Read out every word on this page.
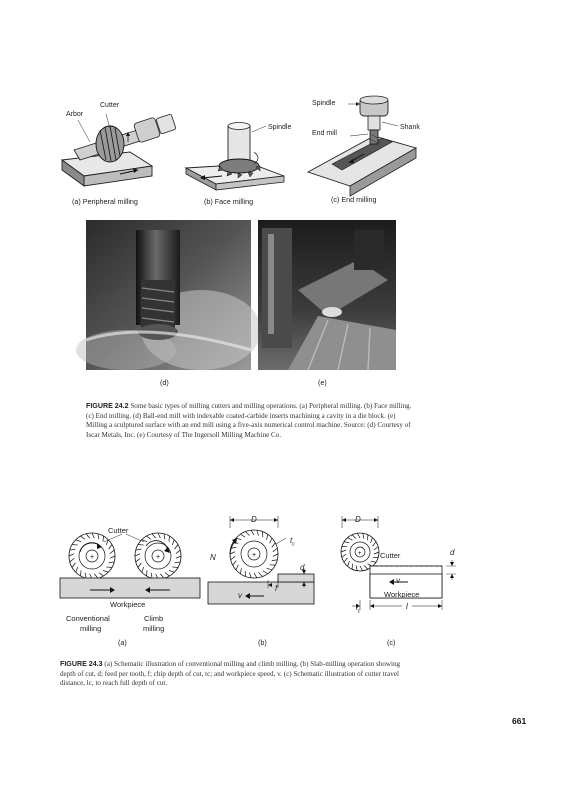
Cutter
Arbor
Spindle
Spindle
End mill
Shank
(a) Peripheral milling	(b) Face milling	(c) End milling
(d)	(e)
FIGURE 24.2 Some basic types of milling cutters and milling operations. (a) Peripheral milling. (b) Face milling. (c) End milling. (d) Ball-end mill with indexable coated-carbide inserts machining a cavity in a die block. (e) Milling a sculptured surface with an end mill using a five-axis numerical control machine. Source: (d) Courtesy of Iscar Metals, Inc. (e) Courtesy of The Ingersoll Milling Machine Co.
+	+
Cutter
Workpiece
Conventional
milling
Climb
milling
(a)
+
D
N
$t_c$
d
f
v
(b)
+
D
Cutter	d
v
Workpiece
$l_c$
l
(c)
FIGURE 24.3 (a) Schematic illustration of conventional milling and climb milling. (b) Slab-milling operation showing depth of cut, d; feed per tooth, f; chip depth of cut, tc; and workpiece speed, v. (c) Schematic illustration of cutter travel distance, lc, to reach full depth of cut.
661
